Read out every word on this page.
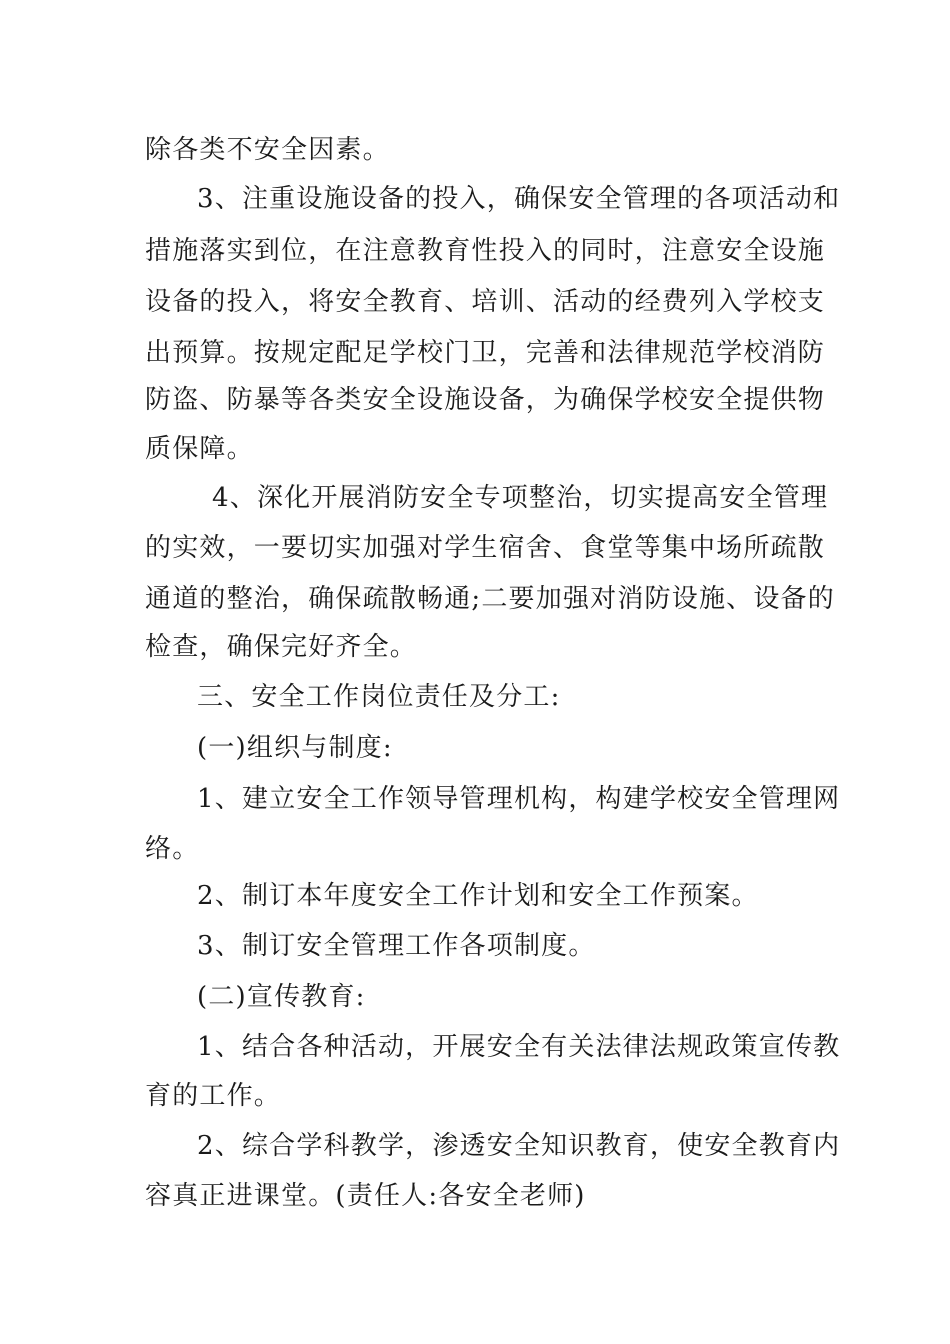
除各类不安全因素。
3、注重设施设备的投入，确保安全管理的各项活动和
措施落实到位，在注意教育性投入的同时，注意安全设施
设备的投入，将安全教育、培训、活动的经费列入学校支
出预算。按规定配足学校门卫，完善和法律规范学校消防
防盗、防暴等各类安全设施设备，为确保学校安全提供物
质保障。
4、深化开展消防安全专项整治，切实提高安全管理
的实效，一要切实加强对学生宿舍、食堂等集中场所疏散
通道的整治，确保疏散畅通;二要加强对消防设施、设备的
检查，确保完好齐全。
三、安全工作岗位责任及分工:
(一)组织与制度:
1、建立安全工作领导管理机构，构建学校安全管理网
络。
2、制订本年度安全工作计划和安全工作预案。
3、制订安全管理工作各项制度。
(二)宣传教育:
1、结合各种活动，开展安全有关法律法规政策宣传教
育的工作。
2、综合学科教学，渗透安全知识教育，使安全教育内
容真正进课堂。(责任人:各安全老师)
